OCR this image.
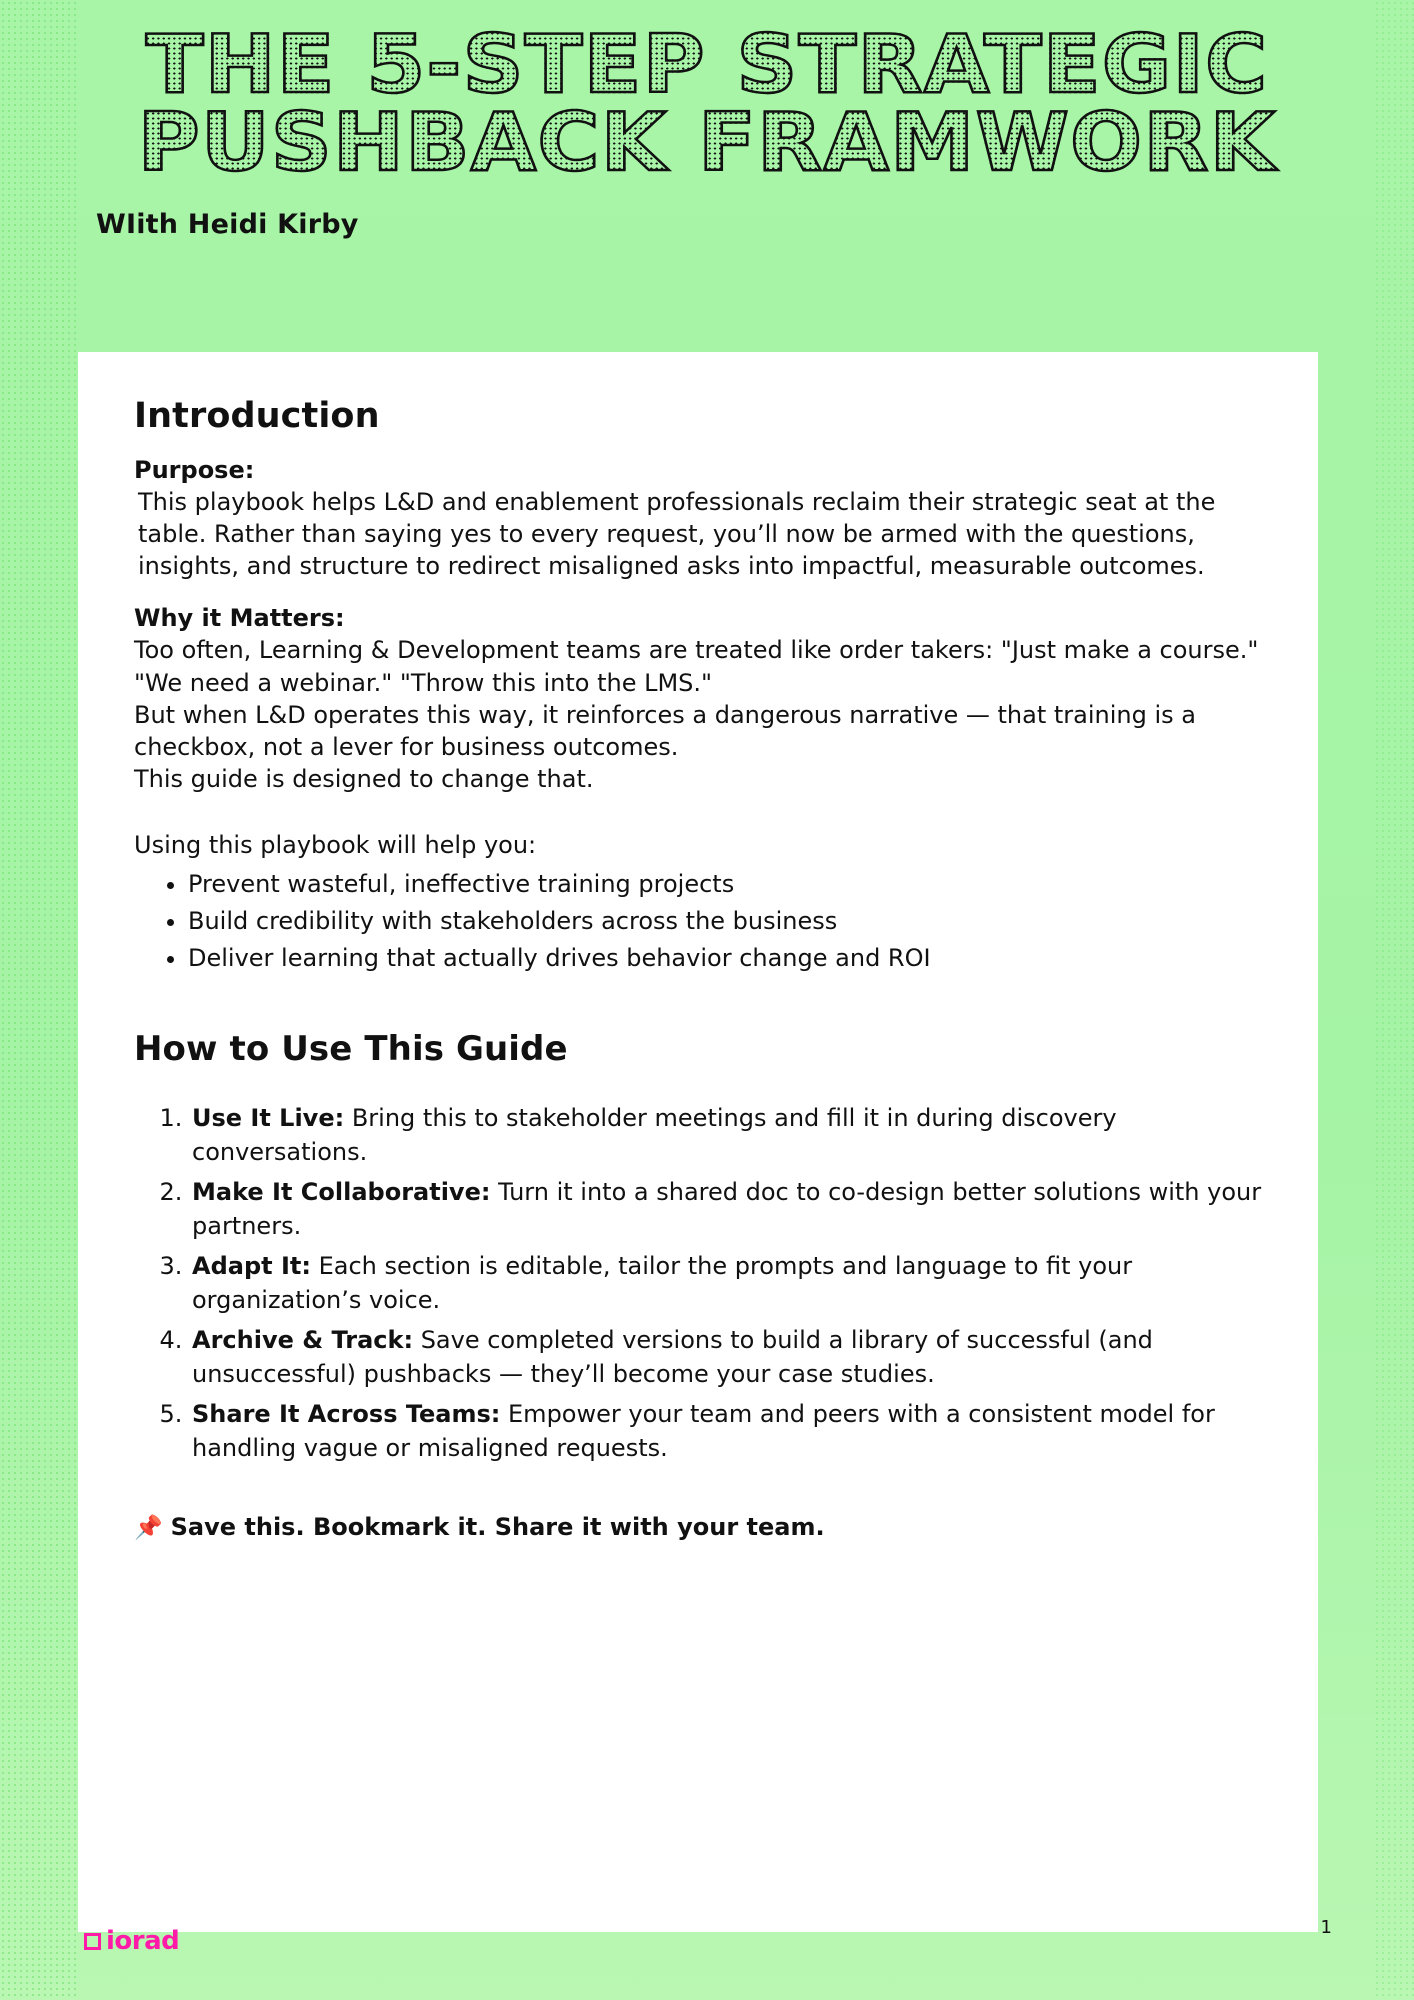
THE 5-STEP STRATEGIC
PUSHBACK FRAMWORK
WIith Heidi Kirby
Introduction
Purpose:

This playbook helps L&D and enablement professionals reclaim their strategic seat at the table. Rather than saying yes to every request, you’ll now be armed with the questions, insights, and structure to redirect misaligned asks into impactful, measurable outcomes.

Why it Matters:

Too often, Learning & Development teams are treated like order takers: "Just make a course." "We need a webinar." "Throw this into the LMS."

But when L&D operates this way, it reinforces a dangerous narrative — that training is a checkbox, not a lever for business outcomes.

This guide is designed to change that.

Using this playbook will help you:

• Prevent wasteful, ineffective training projects
• Build credibility with stakeholders across the business
• Deliver learning that actually drives behavior change and ROI
How to Use This Guide
1. Use It Live: Bring this to stakeholder meetings and fill it in during discovery conversations.
2. Make It Collaborative: Turn it into a shared doc to co-design better solutions with your partners.
3. Adapt It: Each section is editable, tailor the prompts and language to fit your organization’s voice.
4. Archive & Track: Save completed versions to build a library of successful (and unsuccessful) pushbacks — they’ll become your case studies.
5. Share It Across Teams: Empower your team and peers with a consistent model for handling vague or misaligned requests.
📌 Save this. Bookmark it. Share it with your team.
iorad	1
